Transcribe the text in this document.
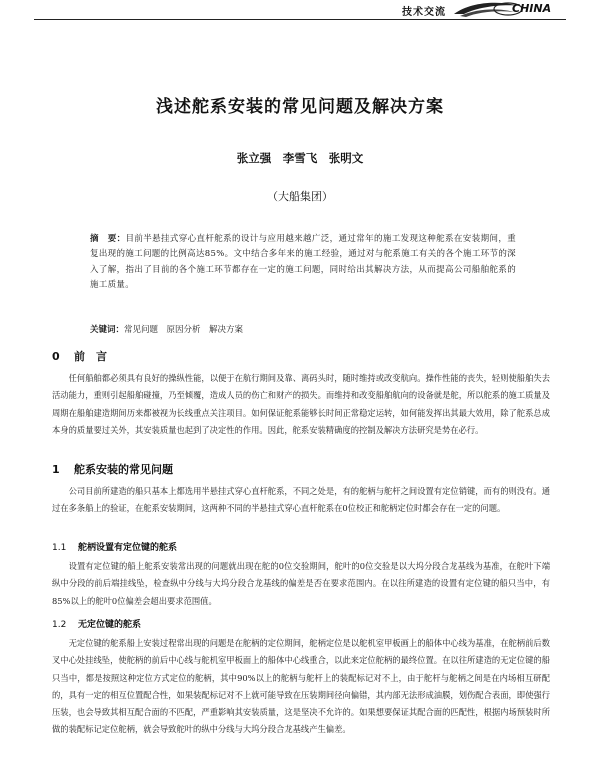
技术交流	CHINA
浅述舵系安装的常见问题及解决方案
张立强　李雪飞　张明文
（大船集团）
摘　要：目前半悬挂式穿心直杆舵系的设计与应用越来越广泛，通过常年的施工发现这种舵系在安装期间，重复出现的施工问题的比例高达85%。文中结合多年来的施工经验，通过对与舵系施工有关的各个施工环节的深入了解，指出了目前的各个施工环节都存在一定的施工问题，同时给出其解决方法，从而提高公司船舶舵系的施工质量。
关键词：常见问题　原因分析　解决方案
0 前　言
任何船舶都必须具有良好的操纵性能，以便于在航行期间及靠、离码头时，随时维持或改变航向。操作性能的丧失，轻则使船舶失去活动能力，重则引起船舶碰撞，乃至倾覆，造成人员的伤亡和财产的损失。而维持和改变船舶航向的设备就是舵，所以舵系的施工质量及周期在船舶建造期间历来都被视为长线重点关注项目。如何保证舵系能够长时间正常稳定运转，如何能发挥出其最大效用，除了舵系总成本身的质量要过关外，其安装质量也起到了决定性的作用。因此，舵系安装精确度的控制及解决方法研究是势在必行。
1 舵系安装的常见问题
公司目前所建造的船只基本上都选用半悬挂式穿心直杆舵系，不同之处是，有的舵柄与舵杆之间设置有定位销键，而有的则没有。通过在多条船上的验证，在舵系安装期间，这两种不同的半悬挂式穿心直杆舵系在0位校正和舵柄定位时都会存在一定的问题。
1.1 舵柄设置有定位键的舵系
设置有定位键的船上舵系安装常出现的问题就出现在舵的0位交验期间，舵叶的0位交验是以大坞分段合龙基线为基准，在舵叶下端纵中分段的前后端挂线坠，检查纵中分线与大坞分段合龙基线的偏差是否在要求范围内。在以往所建造的设置有定位键的船只当中，有85%以上的舵叶0位偏差会超出要求范围值。
1.2 无定位键的舵系
无定位键的舵系船上安装过程常出现的问题是在舵柄的定位期间，舵柄定位是以舵机室甲板画上的船体中心线为基准，在舵柄前后数叉中心处挂线坠，使舵柄的前后中心线与舵机室甲板面上的船体中心线重合，以此来定位舵柄的最终位置。在以往所建造的无定位键的船只当中，都是按照这种定位方式定位的舵柄，其中90%以上的舵柄与舵杆上的装配标记对不上，由于舵杆与舵柄之间是在内场相互研配的，具有一定的相互位置配合性，如果装配标记对不上就可能导致在压装期间径向偏错，其内部无法形成油膜，划伤配合表面，即使强行压装，也会导致其相互配合面的不匹配，严重影响其安装质量，这是坚决不允许的。如果想要保证其配合面的匹配性，根据内场预装时所做的装配标记定位舵柄，就会导致舵叶的纵中分线与大坞分段合龙基线产生偏差。
